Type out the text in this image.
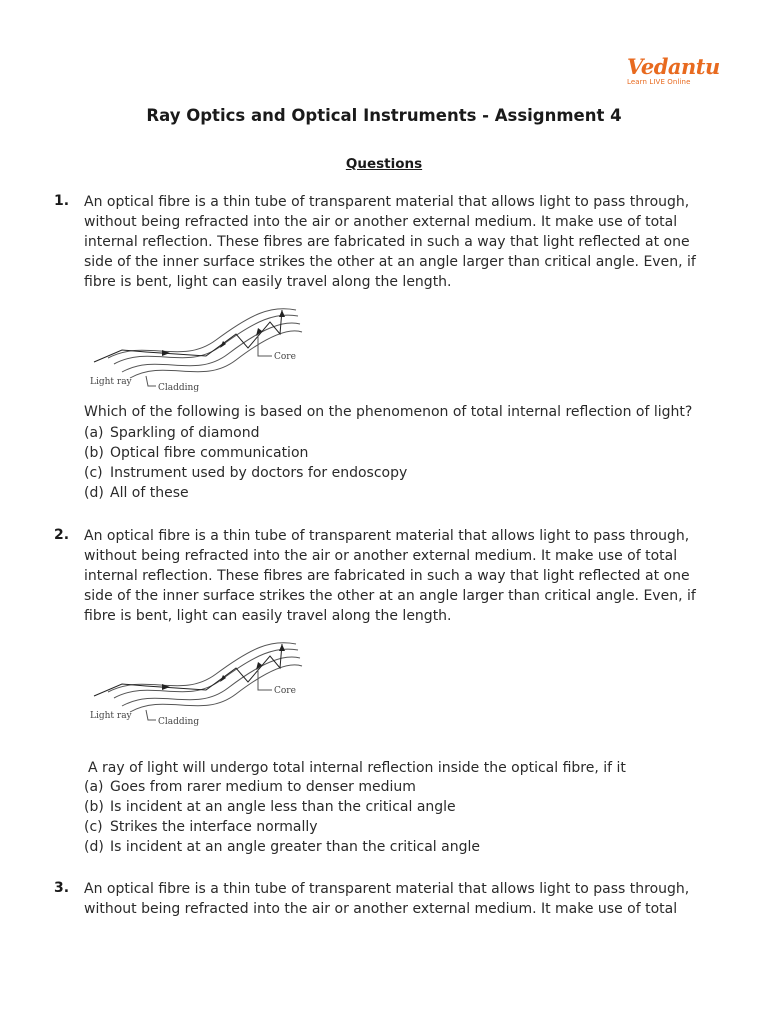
Vedantu
Learn LIVE Online
Ray Optics and Optical Instruments - Assignment 4
Questions
1. An optical fibre is a thin tube of transparent material that allows light to pass through,
without being refracted into the air or another external medium. It make use of total
internal reflection. These fibres are fabricated in such a way that light reflected at one
side of the inner surface strikes the other at an angle larger than critical angle. Even, if
fibre is bent, light can easily travel along the length.
Core
Light ray
Cladding
Which of the following is based on the phenomenon of total internal reflection of light?
(a) Sparkling of diamond
(b) Optical fibre communication
(c) Instrument used by doctors for endoscopy
(d) All of these
2. An optical fibre is a thin tube of transparent material that allows light to pass through,
without being refracted into the air or another external medium. It make use of total
internal reflection. These fibres are fabricated in such a way that light reflected at one
side of the inner surface strikes the other at an angle larger than critical angle. Even, if
fibre is bent, light can easily travel along the length.
Core
Light ray
Cladding
A ray of light will undergo total internal reflection inside the optical fibre, if it
(a) Goes from rarer medium to denser medium
(b) Is incident at an angle less than the critical angle
(c) Strikes the interface normally
(d) Is incident at an angle greater than the critical angle
3. An optical fibre is a thin tube of transparent material that allows light to pass through,
without being refracted into the air or another external medium. It make use of total
